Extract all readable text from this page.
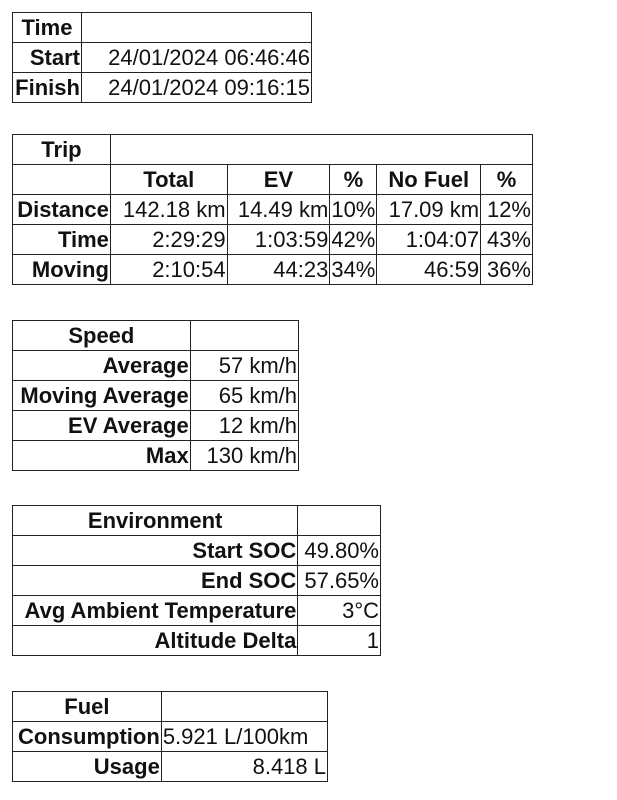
Time	
Start	24/01/2024 06:46:46
Finish	24/01/2024 09:16:15
Trip					
	Total	EV	%	No Fuel	%
Distance	142.18 km	14.49 km	10%	17.09 km	12%
Time	2:29:29	1:03:59	42%	1:04:07	43%
Moving	2:10:54	44:23	34%	46:59	36%
Speed	
Average	57 km/h
Moving Average	65 km/h
EV Average	12 km/h
Max	130 km/h
Environment	
Start SOC	49.80%
End SOC	57.65%
Avg Ambient Temperature	3°C
Altitude Delta	1
Fuel	
Consumption	5.921 L/100km
Usage	8.418 L
